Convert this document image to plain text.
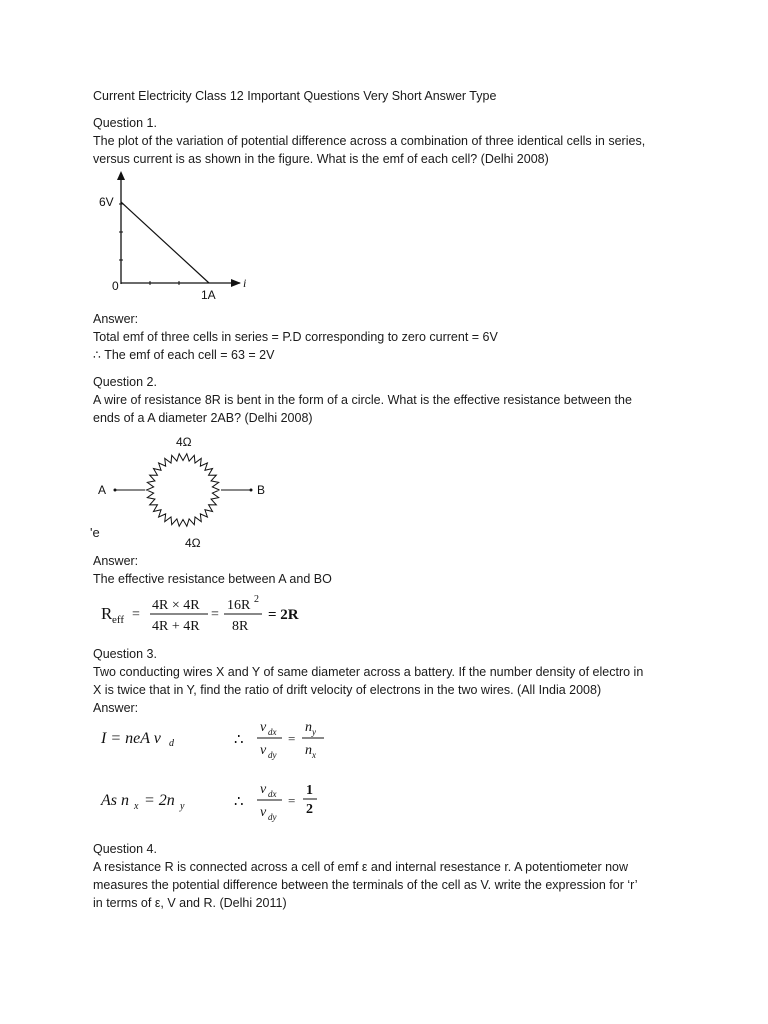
Current Electricity Class 12 Important Questions Very Short Answer Type
Question 1.
The plot of the variation of potential difference across a combination of three identical cells in series,
versus current is as shown in the figure. What is the emf of each cell? (Delhi 2008)
6V
0
1A
i
Answer:
Total emf of three cells in series = P.D corresponding to zero current = 6V
∴ The emf of each cell = 63 = 2V
Question 2.
A wire of resistance 8R is bent in the form of a circle. What is the effective resistance between the
ends of a A diameter 2AB? (Delhi 2008)
4Ω
A	B
4Ω
'e
Answer:
The effective resistance between A and BO
R eff =
4R × 4R
4R + 4R
=
16R 2
8R
= 2R
Question 3.
Two conducting wires X and Y of same diameter across a battery. If the number density of electro in
X is twice that in Y, find the ratio of drift velocity of electrons in the two wires. (All India 2008)
Answer:
I = neA v d	∴
v dx
v dy
=
n y
n x
As n x = 2n y	∴
v dx
v dy
=
1
2
Question 4.
A resistance R is connected across a cell of emf ε and internal resestance r. A potentiometer now
measures the potential difference between the terminals of the cell as V. write the expression for ‘r’
in terms of ε, V and R. (Delhi 2011)
